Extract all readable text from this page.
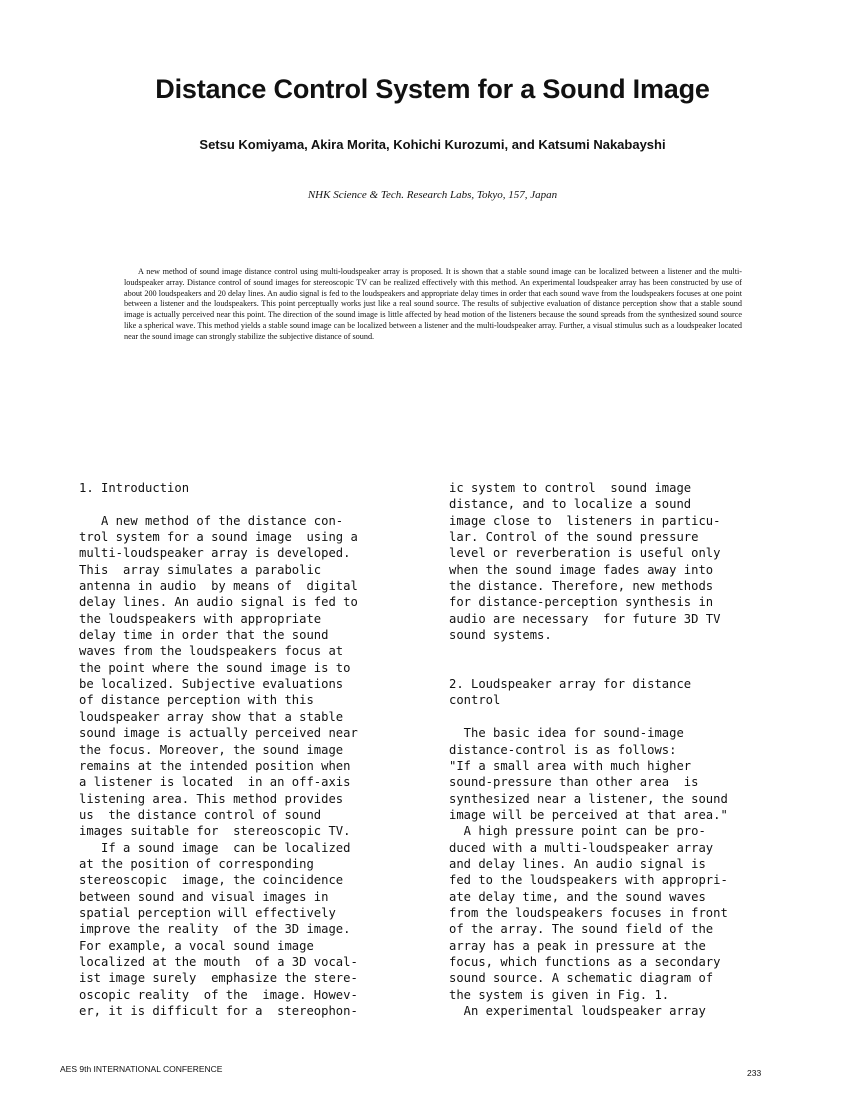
Distance Control System for a Sound Image
Setsu Komiyama, Akira Morita, Kohichi Kurozumi, and Katsumi Nakabayshi
NHK Science & Tech. Research Labs, Tokyo, 157, Japan
A new method of sound image distance control using multi-loudspeaker array is proposed. It is shown that a stable sound image can be localized between a listener and the multi-loudspeaker array. Distance control of sound images for stereoscopic TV can be realized effectively with this method. An experimental loudspeaker array has been constructed by use of about 200 loudspeakers and 20 delay lines. An audio signal is fed to the loudspeakers and appropriate delay times in order that each sound wave from the loudspeakers focuses at one point between a listener and the loudspeakers. This point perceptually works just like a real sound source. The results of subjective evaluation of distance perception show that a stable sound image is actually perceived near this point. The direction of the sound image is little affected by head motion of the listeners because the sound spreads from the synthesized sound source like a spherical wave. This method yields a stable sound image can be localized between a listener and the multi-loudspeaker array. Further, a visual stimulus such as a loudspeaker located near the sound image can strongly stabilize the subjective distance of sound.
1. Introduction
A new method of the distance con-
trol system for a sound image  using a
multi-loudspeaker array is developed.
This  array simulates a parabolic
antenna in audio  by means of  digital
delay lines. An audio signal is fed to
the loudspeakers with appropriate
delay time in order that the sound
waves from the loudspeakers focus at
the point where the sound image is to
be localized. Subjective evaluations
of distance perception with this
loudspeaker array show that a stable
sound image is actually perceived near
the focus. Moreover, the sound image
remains at the intended position when
a listener is located  in an off-axis
listening area. This method provides
us  the distance control of sound
images suitable for  stereoscopic TV.
If a sound image  can be localized
at the position of corresponding
stereoscopic  image, the coincidence
between sound and visual images in
spatial perception will effectively
improve the reality  of the 3D image.
For example, a vocal sound image
localized at the mouth  of a 3D vocal-
ist image surely  emphasize the stere-
oscopic reality  of the  image. Howev-
er, it is difficult for a  stereophon-
ic system to control  sound image
distance, and to localize a sound
image close to  listeners in particu-
lar. Control of the sound pressure
level or reverberation is useful only
when the sound image fades away into
the distance. Therefore, new methods
for distance-perception synthesis in
audio are necessary  for future 3D TV
sound systems.
2. Loudspeaker array for distance
control
The basic idea for sound-image
distance-control is as follows:
"If a small area with much higher
sound-pressure than other area  is
synthesized near a listener, the sound
image will be perceived at that area."
A high pressure point can be pro-
duced with a multi-loudspeaker array
and delay lines. An audio signal is
fed to the loudspeakers with appropri-
ate delay time, and the sound waves
from the loudspeakers focuses in front
of the array. The sound field of the
array has a peak in pressure at the
focus, which functions as a secondary
sound source. A schematic diagram of
the system is given in Fig. 1.
An experimental loudspeaker array
AES 9th INTERNATIONAL CONFERENCE	233
